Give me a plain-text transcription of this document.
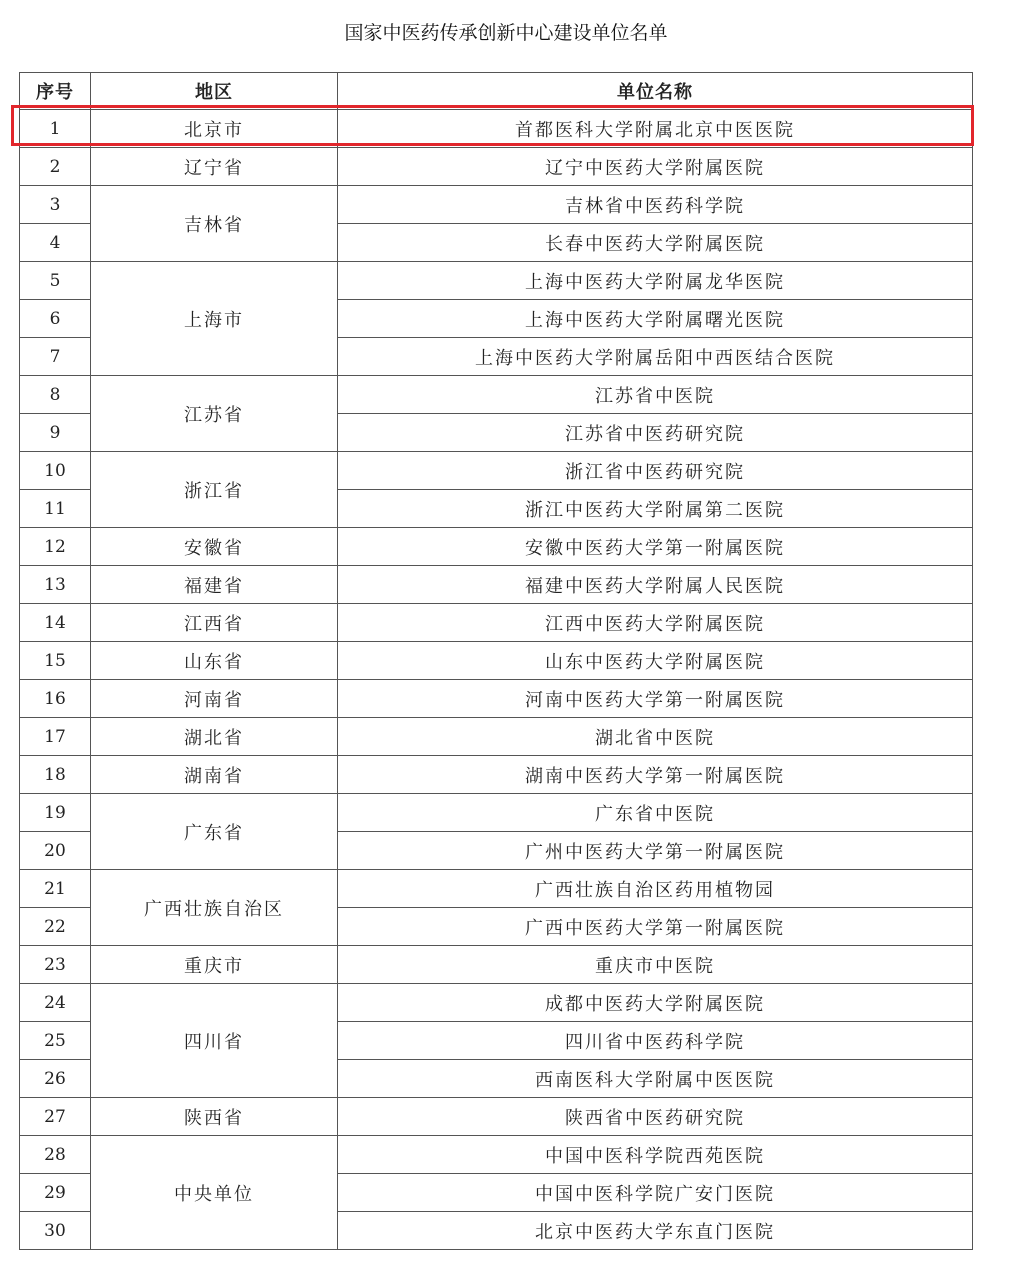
国家中医药传承创新中心建设单位名单
序号	地区	单位名称
1	北京市	首都医科大学附属北京中医医院
2	辽宁省	辽宁中医药大学附属医院
3	吉林省	吉林省中医药科学院
4		长春中医药大学附属医院
5	上海市	上海中医药大学附属龙华医院
6		上海中医药大学附属曙光医院
7		上海中医药大学附属岳阳中西医结合医院
8	江苏省	江苏省中医院
9		江苏省中医药研究院
10	浙江省	浙江省中医药研究院
11		浙江中医药大学附属第二医院
12	安徽省	安徽中医药大学第一附属医院
13	福建省	福建中医药大学附属人民医院
14	江西省	江西中医药大学附属医院
15	山东省	山东中医药大学附属医院
16	河南省	河南中医药大学第一附属医院
17	湖北省	湖北省中医院
18	湖南省	湖南中医药大学第一附属医院
19	广东省	广东省中医院
20		广州中医药大学第一附属医院
21	广西壮族自治区	广西壮族自治区药用植物园
22		广西中医药大学第一附属医院
23	重庆市	重庆市中医院
24	四川省	成都中医药大学附属医院
25		四川省中医药科学院
26		西南医科大学附属中医医院
27	陕西省	陕西省中医药研究院
28	中央单位	中国中医科学院西苑医院
29		中国中医科学院广安门医院
30		北京中医药大学东直门医院
